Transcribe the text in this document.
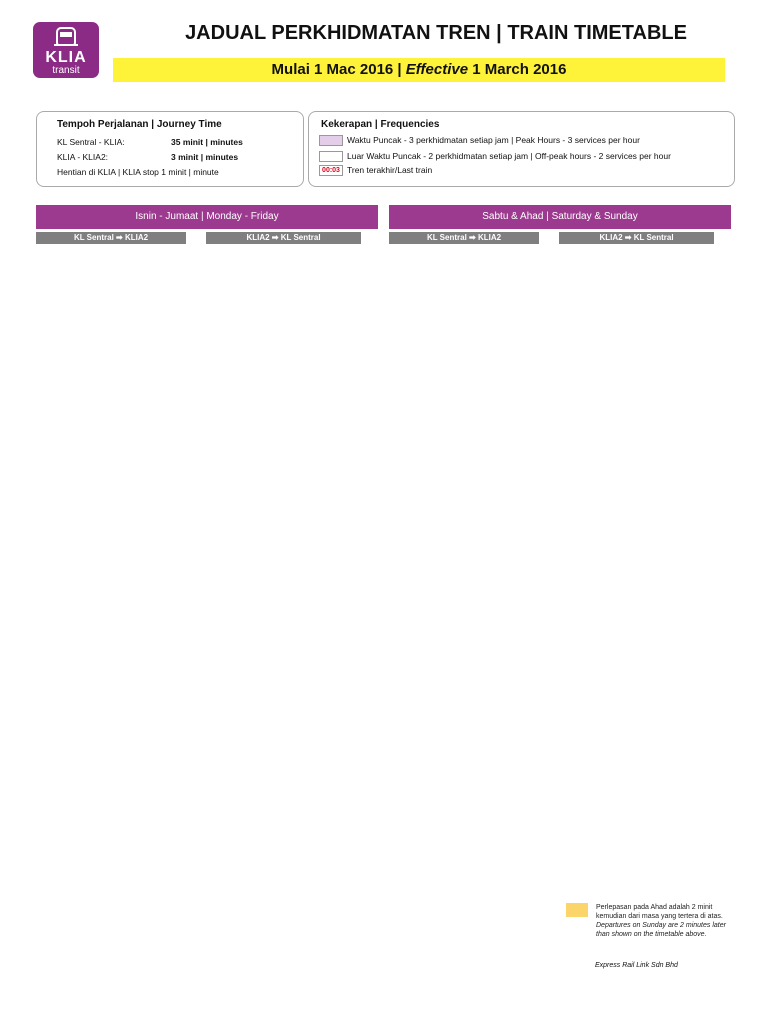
KLIA
transit
JADUAL PERKHIDMATAN TREN | TRAIN TIMETABLE
Mulai 1 Mac 2016 | Effective 1 March 2016
Tempoh Perjalanan | Journey Time
KL Sentral - KLIA:	35 minit | minutes
KLIA - KLIA2:	3 minit | minutes
Hentian di KLIA | KLIA stop 1 minit | minute
Kekerapan | Frequencies
Waktu Puncak - 3 perkhidmatan setiap jam | Peak Hours - 3 services per hour
Luar Waktu Puncak - 2 perkhidmatan setiap jam | Off-peak hours - 2 services per hour
00:03 Tren terakhir/Last train
Isnin - Jumaat | Monday - Friday
KL Sentral ➡ KLIA2	KLIA2 ➡ KL Sentral
Sabtu & Ahad | Saturday & Sunday
KL Sentral ➡ KLIA2	KLIA2 ➡ KL Sentral
Perlepasan pada Ahad adalah 2 minit kemudian dari masa yang tertera di atas.
Departures on Sunday are 2 minutes later than shown on the timetable above.
Express Rail Link Sdn Bhd
